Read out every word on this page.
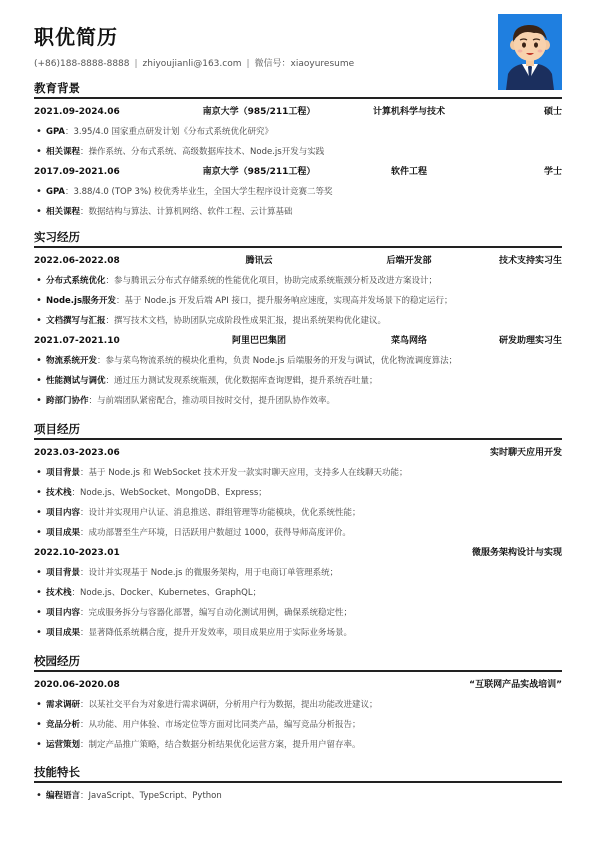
职优简历
(+86)188-8888-8888 | zhiyoujianli@163.com | 微信号：xiaoyuresume
教育背景
2021.09-2024.06	南京大学（985/211工程）	计算机科学与技术	硕士
• GPA：3.95/4.0 国家重点研发计划《分布式系统优化研究》
• 相关课程：操作系统、分布式系统、高级数据库技术、Node.js开发与实践
2017.09-2021.06	南京大学（985/211工程）	软件工程	学士
• GPA：3.88/4.0 (TOP 3%) 校优秀毕业生，全国大学生程序设计竞赛二等奖
• 相关课程：数据结构与算法、计算机网络、软件工程、云计算基础
实习经历
2022.06-2022.08	腾讯云	后端开发部	技术支持实习生
• 分布式系统优化：参与腾讯云分布式存储系统的性能优化项目，协助完成系统瓶颈分析及改进方案设计；
• Node.js服务开发：基于 Node.js 开发后端 API 接口，提升服务响应速度，实现高并发场景下的稳定运行；
• 文档撰写与汇报：撰写技术文档，协助团队完成阶段性成果汇报，提出系统架构优化建议。
2021.07-2021.10	阿里巴巴集团	菜鸟网络	研发助理实习生
• 物流系统开发：参与菜鸟物流系统的模块化重构，负责 Node.js 后端服务的开发与调试，优化物流调度算法；
• 性能测试与调优：通过压力测试发现系统瓶颈，优化数据库查询逻辑，提升系统吞吐量；
• 跨部门协作：与前端团队紧密配合，推动项目按时交付，提升团队协作效率。
项目经历
2023.03-2023.06	实时聊天应用开发
• 项目背景：基于 Node.js 和 WebSocket 技术开发一款实时聊天应用，支持多人在线聊天功能；
• 技术栈：Node.js、WebSocket、MongoDB、Express；
• 项目内容：设计并实现用户认证、消息推送、群组管理等功能模块，优化系统性能；
• 项目成果：成功部署至生产环境，日活跃用户数超过 1000，获得导师高度评价。
2022.10-2023.01	微服务架构设计与实现
• 项目背景：设计并实现基于 Node.js 的微服务架构，用于电商订单管理系统；
• 技术栈：Node.js、Docker、Kubernetes、GraphQL；
• 项目内容：完成服务拆分与容器化部署，编写自动化测试用例，确保系统稳定性；
• 项目成果：显著降低系统耦合度，提升开发效率，项目成果应用于实际业务场景。
校园经历
2020.06-2020.08	“互联网产品实战培训”
• 需求调研：以某社交平台为对象进行需求调研，分析用户行为数据，提出功能改进建议；
• 竞品分析：从功能、用户体验、市场定位等方面对比同类产品，编写竞品分析报告；
• 运营策划：制定产品推广策略，结合数据分析结果优化运营方案，提升用户留存率。
技能特长
• 编程语言：JavaScript、TypeScript、Python
